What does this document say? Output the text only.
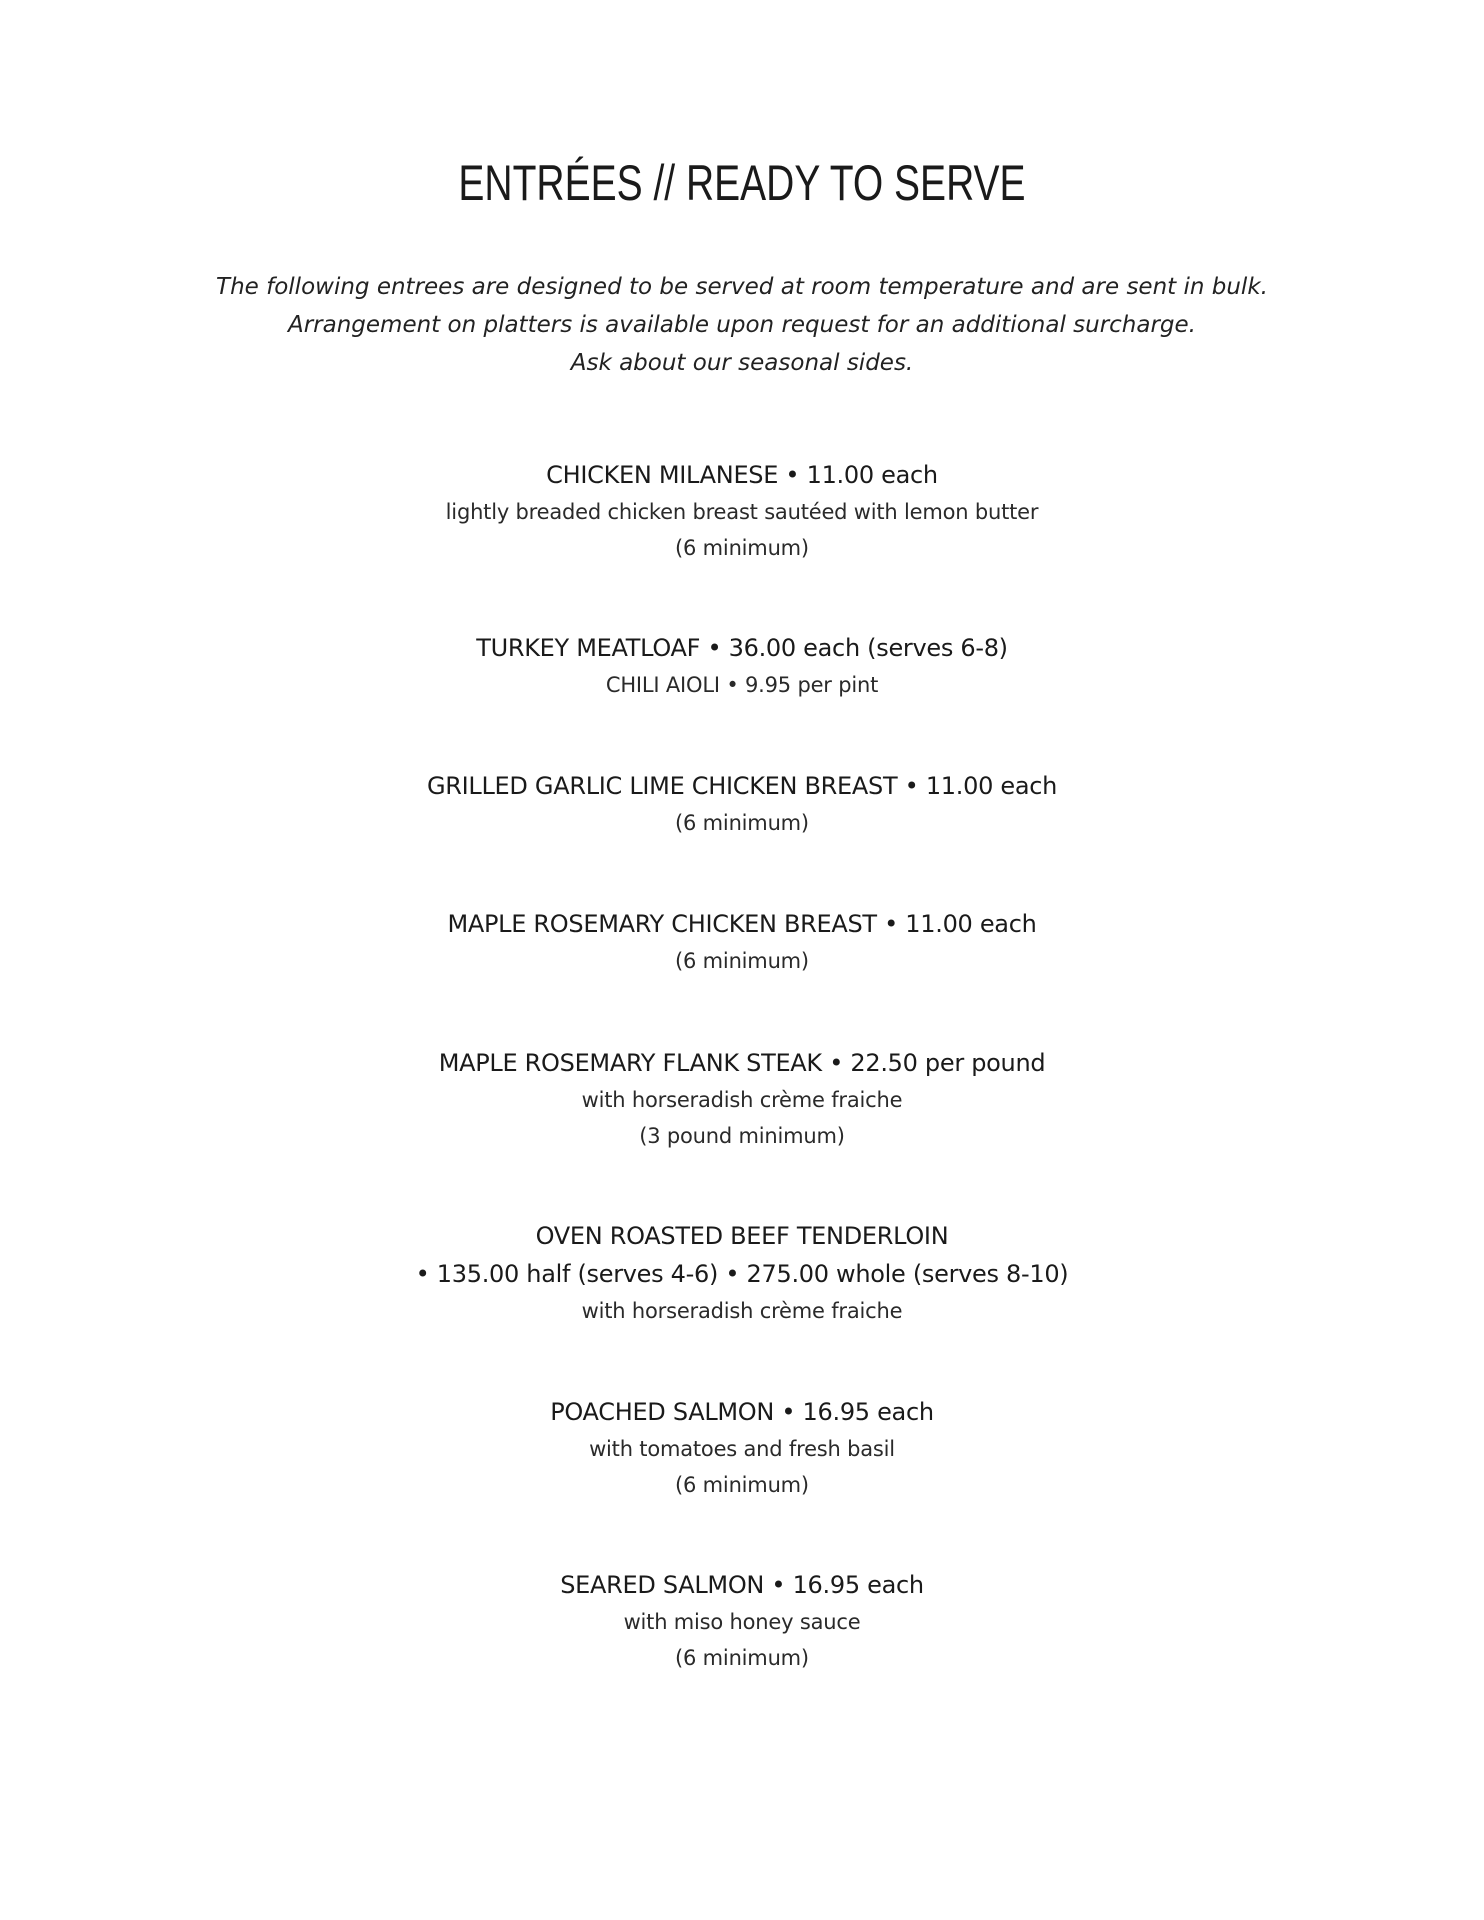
ENTRÉES // READY TO SERVE
The following entrees are designed to be served at room temperature and are sent in bulk.
Arrangement on platters is available upon request for an additional surcharge.
Ask about our seasonal sides.
CHICKEN MILANESE • 11.00 each
lightly breaded chicken breast sautéed with lemon butter
(6 minimum)
TURKEY MEATLOAF • 36.00 each (serves 6-8)
CHILI AIOLI • 9.95 per pint
GRILLED GARLIC LIME CHICKEN BREAST • 11.00 each
(6 minimum)
MAPLE ROSEMARY CHICKEN BREAST • 11.00 each
(6 minimum)
MAPLE ROSEMARY FLANK STEAK • 22.50 per pound
with horseradish crème fraiche
(3 pound minimum)
OVEN ROASTED BEEF TENDERLOIN
• 135.00 half (serves 4-6) • 275.00 whole (serves 8-10)
with horseradish crème fraiche
POACHED SALMON • 16.95 each
with tomatoes and fresh basil
(6 minimum)
SEARED SALMON • 16.95 each
with miso honey sauce
(6 minimum)
